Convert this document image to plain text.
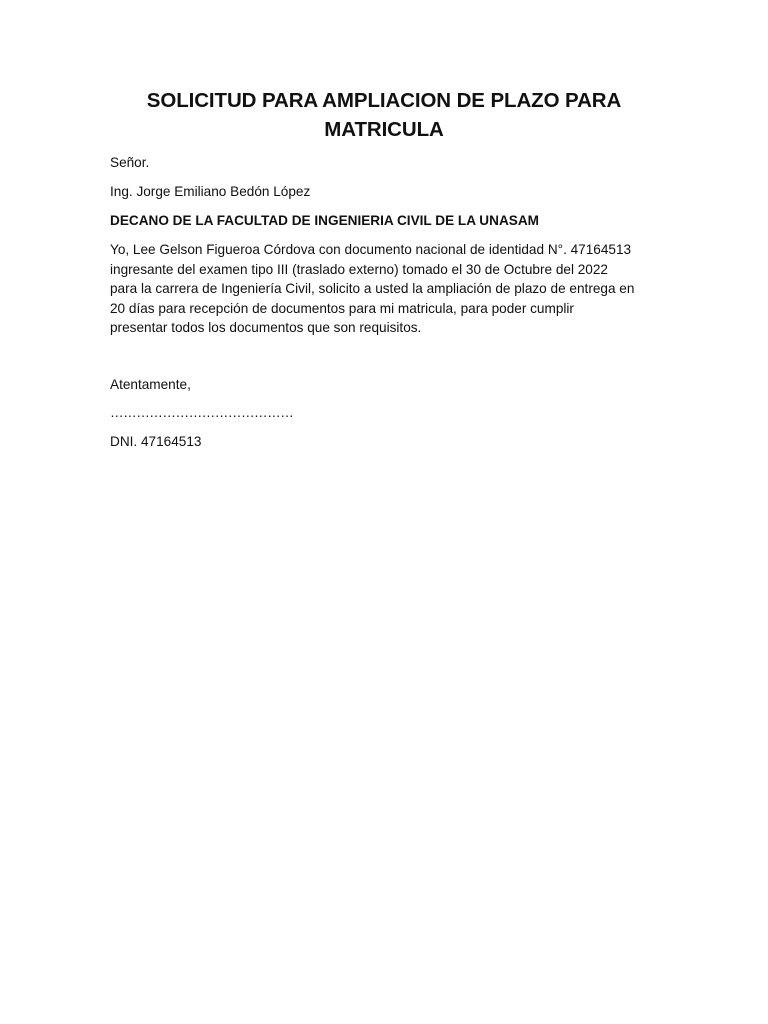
SOLICITUD PARA AMPLIACION DE PLAZO PARA
MATRICULA
Señor.
Ing. Jorge Emiliano Bedón López
DECANO DE LA FACULTAD DE INGENIERIA CIVIL DE LA UNASAM
Yo, Lee Gelson Figueroa Córdova con documento nacional de identidad N°. 47164513
ingresante del examen tipo III (traslado externo) tomado el 30 de Octubre del 2022
para la carrera de Ingeniería Civil, solicito a usted la ampliación de plazo de entrega en
20 días para recepción de documentos para mi matricula, para poder cumplir
presentar todos los documentos que son requisitos.
Atentamente,
……………………………………
DNI. 47164513
